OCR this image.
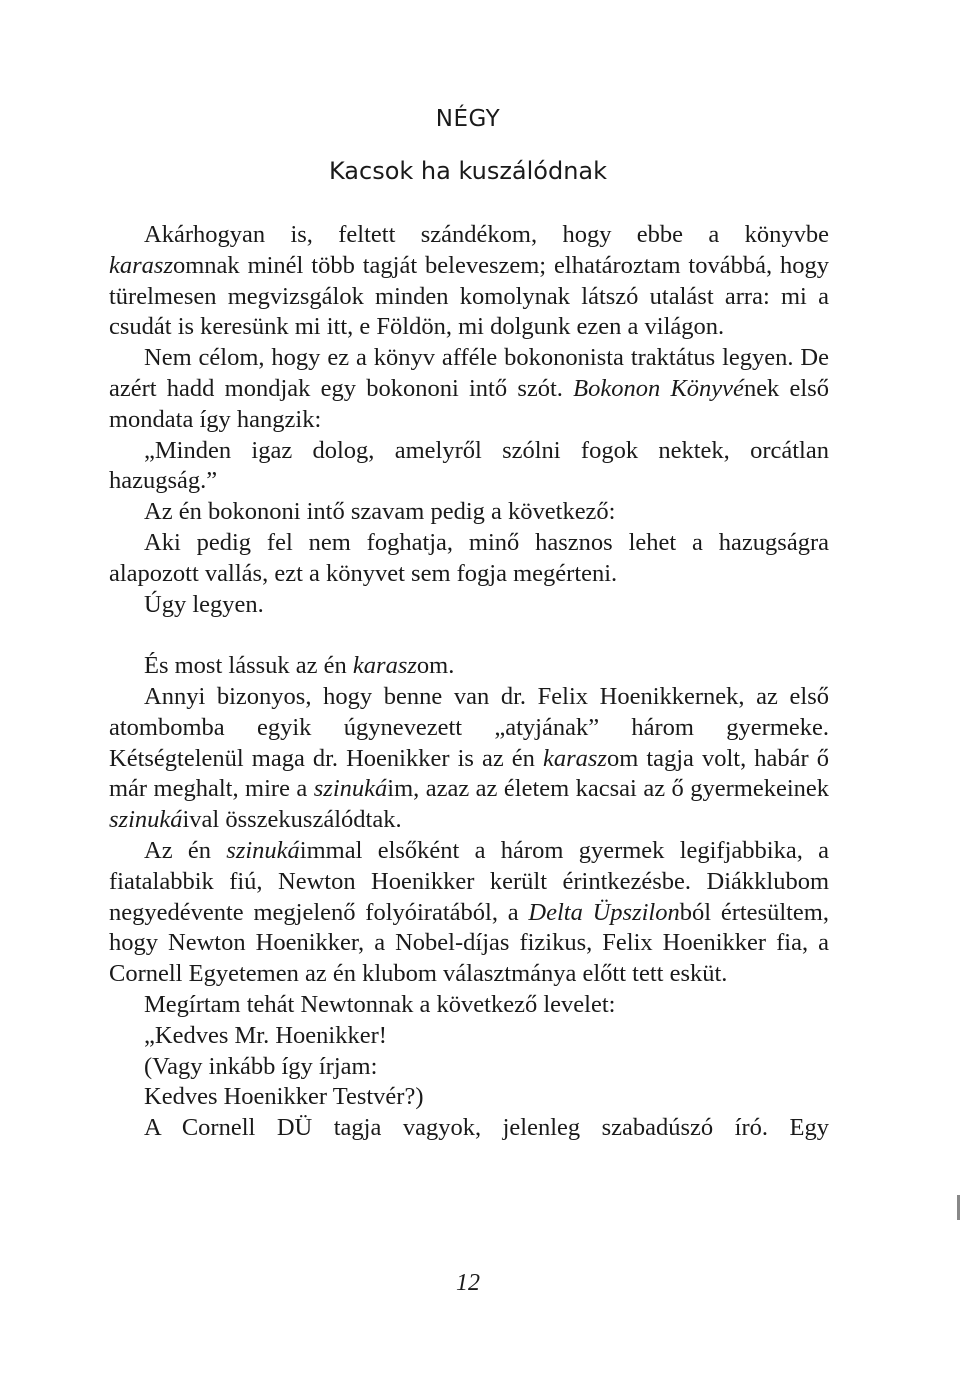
NÉGY
Kacsok ha kuszálódnak

Akárhogyan is, feltett szándékom, hogy ebbe a könyvbe karaszomnak minél több tagját beleveszem; elhatároztam továbbá, hogy türelmesen megvizsgálok minden komolynak látszó utalást arra: mi a csudát is keresünk mi itt, e Földön, mi dolgunk ezen a világon.

Nem célom, hogy ez a könyv afféle bokononista traktátus legyen. De azért hadd mondjak egy bokononi intő szót. Bokonon Könyvének első mondata így hangzik:

„Minden igaz dolog, amelyről szólni fogok nektek, orcátlan hazugság.”

Az én bokononi intő szavam pedig a következő:

Aki pedig fel nem foghatja, minő hasznos lehet a hazugságra alapozott vallás, ezt a könyvet sem fogja megérteni.

Úgy legyen.

És most lássuk az én karaszom.

Annyi bizonyos, hogy benne van dr. Felix Hoenikkernek, az első atombomba egyik úgynevezett „atyjának” három gyermeke. Kétségtelenül maga dr. Hoenikker is az én karaszom tagja volt, habár ő már meghalt, mire a szinukáim, azaz az életem kacsai az ő gyermekeinek szinukáival összekuszálódtak.

Az én szinukáimmal elsőként a három gyermek legifjabbika, a fiatalabbik fiú, Newton Hoenikker került érintkezésbe. Diákklubom negyedévente megjelenő folyóiratából, a Delta Üpszilonból értesültem, hogy Newton Hoenikker, a Nobel-díjas fizikus, Felix Hoenikker fia, a Cornell Egyetemen az én klubom választmánya előtt tett esküt.

Megírtam tehát Newtonnak a következő levelet:

„Kedves Mr. Hoenikker!

(Vagy inkább így írjam:

Kedves Hoenikker Testvér?)

A Cornell DÜ tagja vagyok, jelenleg szabadúszó író. Egy

12
